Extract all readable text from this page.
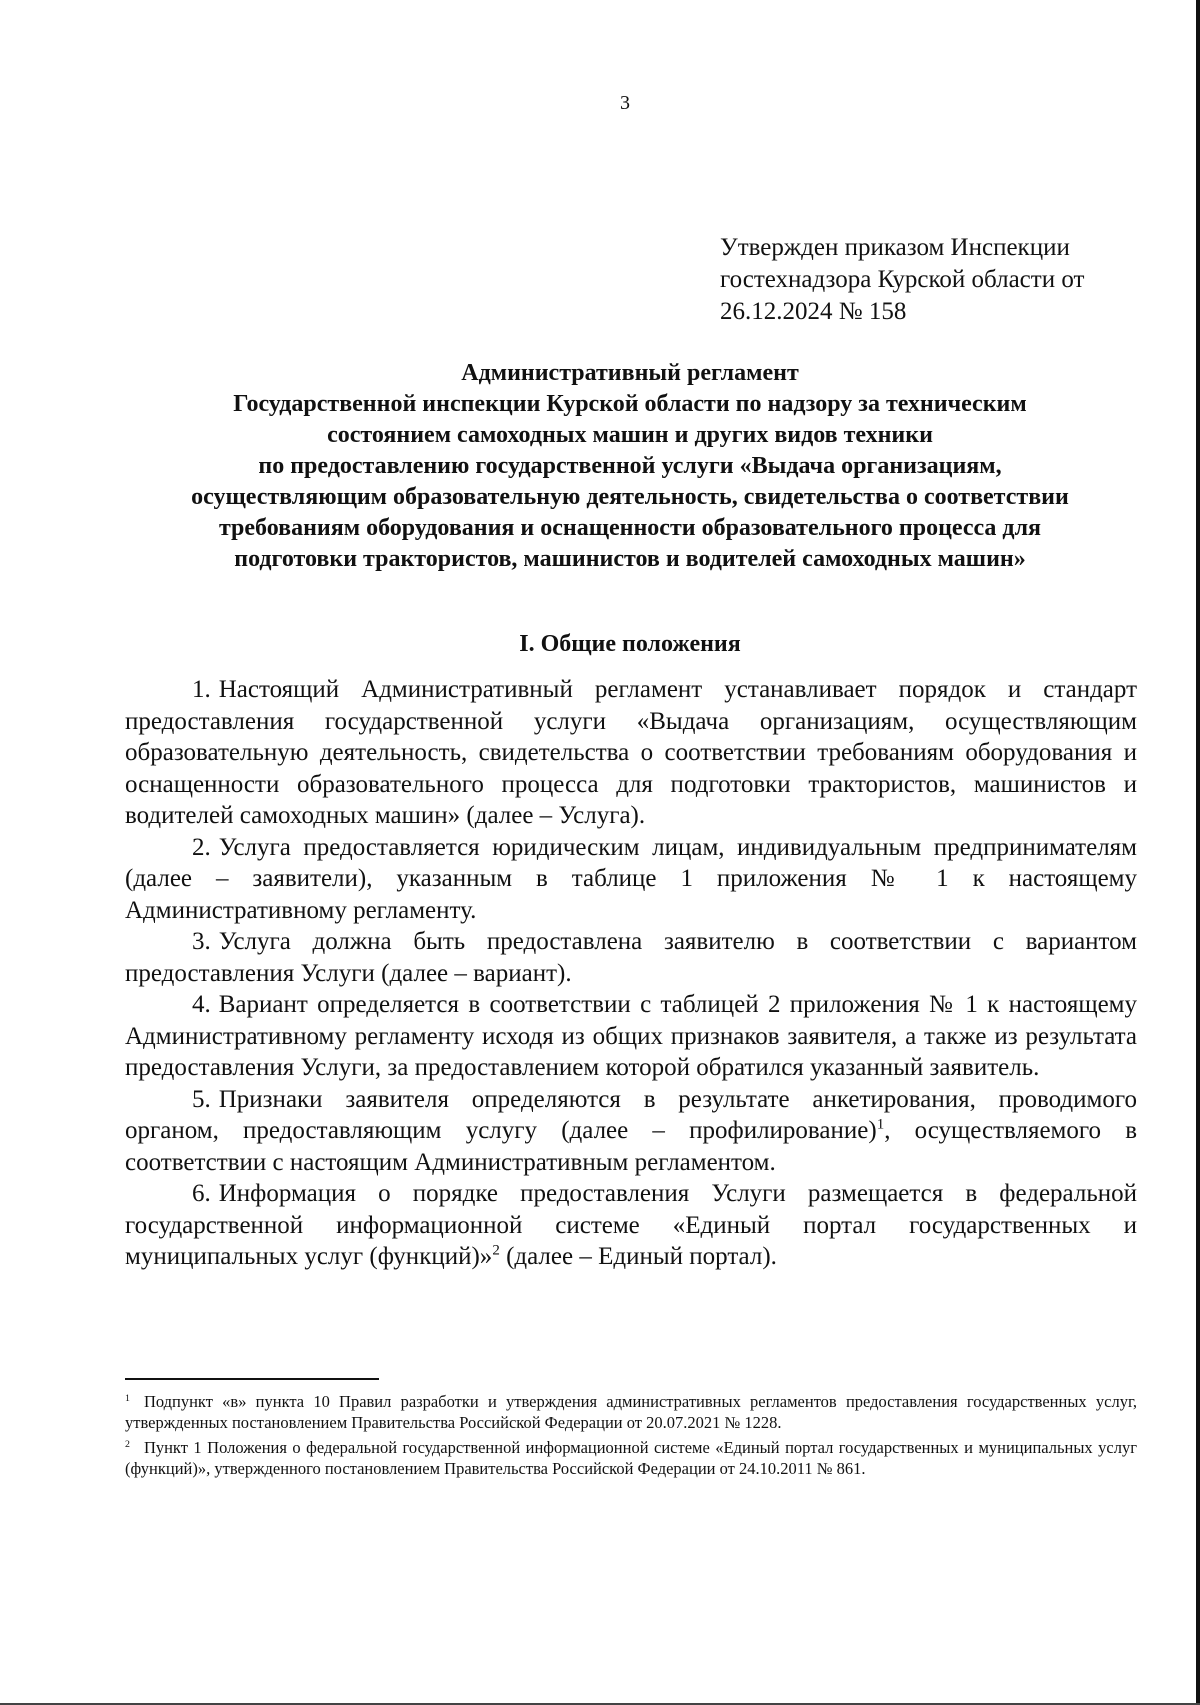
3
Утвержден приказом Инспекции
гостехнадзора Курской области от
26.12.2024 № 158
Административный регламент
Государственной инспекции Курской области по надзору за техническим
состоянием самоходных машин и других видов техники
по предоставлению государственной услуги «Выдача организациям,
осуществляющим образовательную деятельность, свидетельства о соответствии
требованиям оборудования и оснащенности образовательного процесса для
подготовки трактористов, машинистов и водителей самоходных машин»
I. Общие положения

1. Настоящий Административный регламент устанавливает порядок и стандарт предоставления государственной услуги «Выдача организациям, осуществляющим образовательную деятельность, свидетельства о соответствии требованиям оборудования и оснащенности образовательного процесса для подготовки трактористов, машинистов и водителей самоходных машин» (далее – Услуга).

2. Услуга предоставляется юридическим лицам, индивидуальным предпринимателям (далее – заявители), указанным в таблице 1 приложения № 1 к настоящему Административному регламенту.

3. Услуга должна быть предоставлена заявителю в соответствии с вариантом предоставления Услуги (далее – вариант).

4. Вариант определяется в соответствии с таблицей 2 приложения № 1 к настоящему Административному регламенту исходя из общих признаков заявителя, а также из результата предоставления Услуги, за предоставлением которой обратился указанный заявитель.

5. Признаки заявителя определяются в результате анкетирования, проводимого органом, предоставляющим услугу (далее – профилирование)$^1$, осуществляемого в соответствии с настоящим Административным регламентом.

6. Информация о порядке предоставления Услуги размещается в федеральной государственной информационной системе «Единый портал государственных и муниципальных услуг (функций)»$^2$ (далее – Единый портал).

$^1$ Подпункт «в» пункта 10 Правил разработки и утверждения административных регламентов предоставления государственных услуг, утвержденных постановлением Правительства Российской Федерации от 20.07.2021 № 1228.

$^2$ Пункт 1 Положения о федеральной государственной информационной системе «Единый портал государственных и муниципальных услуг (функций)», утвержденного постановлением Правительства Российской Федерации от 24.10.2011 № 861.
